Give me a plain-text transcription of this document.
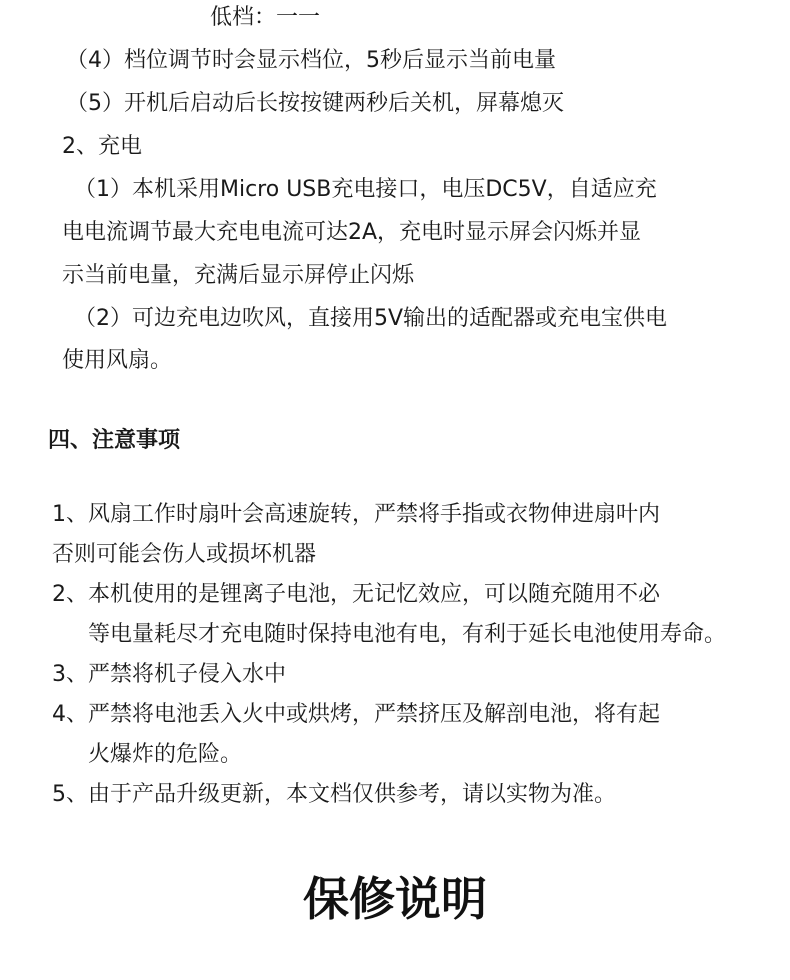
低档：一一
（4）档位调节时会显示档位，5秒后显示当前电量
（5）开机后启动后长按按键两秒后关机，屏幕熄灭
2、充电
（1）本机采用Micro USB充电接口，电压DC5V，自适应充
电电流调节最大充电电流可达2A，充电时显示屏会闪烁并显
示当前电量，充满后显示屏停止闪烁
（2）可边充电边吹风，直接用5V输出的适配器或充电宝供电
使用风扇。
四、注意事项
1、风扇工作时扇叶会高速旋转，严禁将手指或衣物伸进扇叶内
否则可能会伤人或损坏机器
2、本机使用的是锂离子电池，无记忆效应，可以随充随用不必
等电量耗尽才充电随时保持电池有电，有利于延长电池使用寿命。
3、严禁将机子侵入水中
4、严禁将电池丢入火中或烘烤，严禁挤压及解剖电池，将有起
火爆炸的危险。
5、由于产品升级更新，本文档仅供参考，请以实物为准。
保修说明
